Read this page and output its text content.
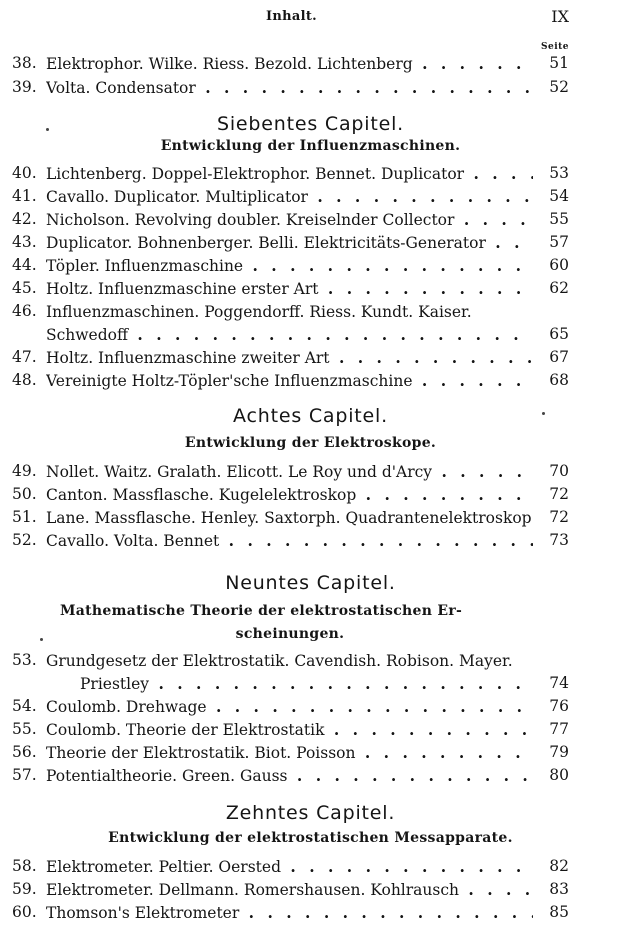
Inhalt.	IX
Seite
38. Elektrophor. Wilke. Riess. Bezold. Lichtenberg . . .	51
39. Volta. Condensator . . .	52
Siebentes Capitel.
Entwicklung der Influenzmaschinen.
40. Lichtenberg. Doppel-Elektrophor. Bennet. Duplicator . . .	53
41. Cavallo. Duplicator. Multiplicator . . .	54
42. Nicholson. Revolving doubler. Kreiselnder Collector . . .	55
43. Duplicator. Bohnenberger. Belli. Elektricitäts-Generator . . .	57
44. Töpler. Influenzmaschine . . .	60
45. Holtz. Influenzmaschine erster Art . . .	62
46. Influenzmaschinen. Poggendorff. Riess. Kundt. Kaiser.
Schwedoff . . .	65
47. Holtz. Influenzmaschine zweiter Art . . .	67
48. Vereinigte Holtz-Töpler'sche Influenzmaschine . . .	68
Achtes Capitel.
Entwicklung der Elektroskope.
49. Nollet. Waitz. Gralath. Elicott. Le Roy und d'Arcy . . .	70
50. Canton. Massflasche. Kugelelektroskop . . .	72
51. Lane. Massflasche. Henley. Saxtorph. Quadrantenelektroskop	72
52. Cavallo. Volta. Bennet . . .	73
Neuntes Capitel.
Mathematische Theorie der elektrostatischen Er-
scheinungen.
53. Grundgesetz der Elektrostatik. Cavendish. Robison. Mayer.
Priestley . . .	74
54. Coulomb. Drehwage . . .	76
55. Coulomb. Theorie der Elektrostatik . . .	77
56. Theorie der Elektrostatik. Biot. Poisson . . .	79
57. Potentialtheorie. Green. Gauss . . .	80
Zehntes Capitel.
Entwicklung der elektrostatischen Messapparate.
58. Elektrometer. Peltier. Oersted . . .	82
59. Elektrometer. Dellmann. Romershausen. Kohlrausch . . .	83
60. Thomson's Elektrometer . . .	85
